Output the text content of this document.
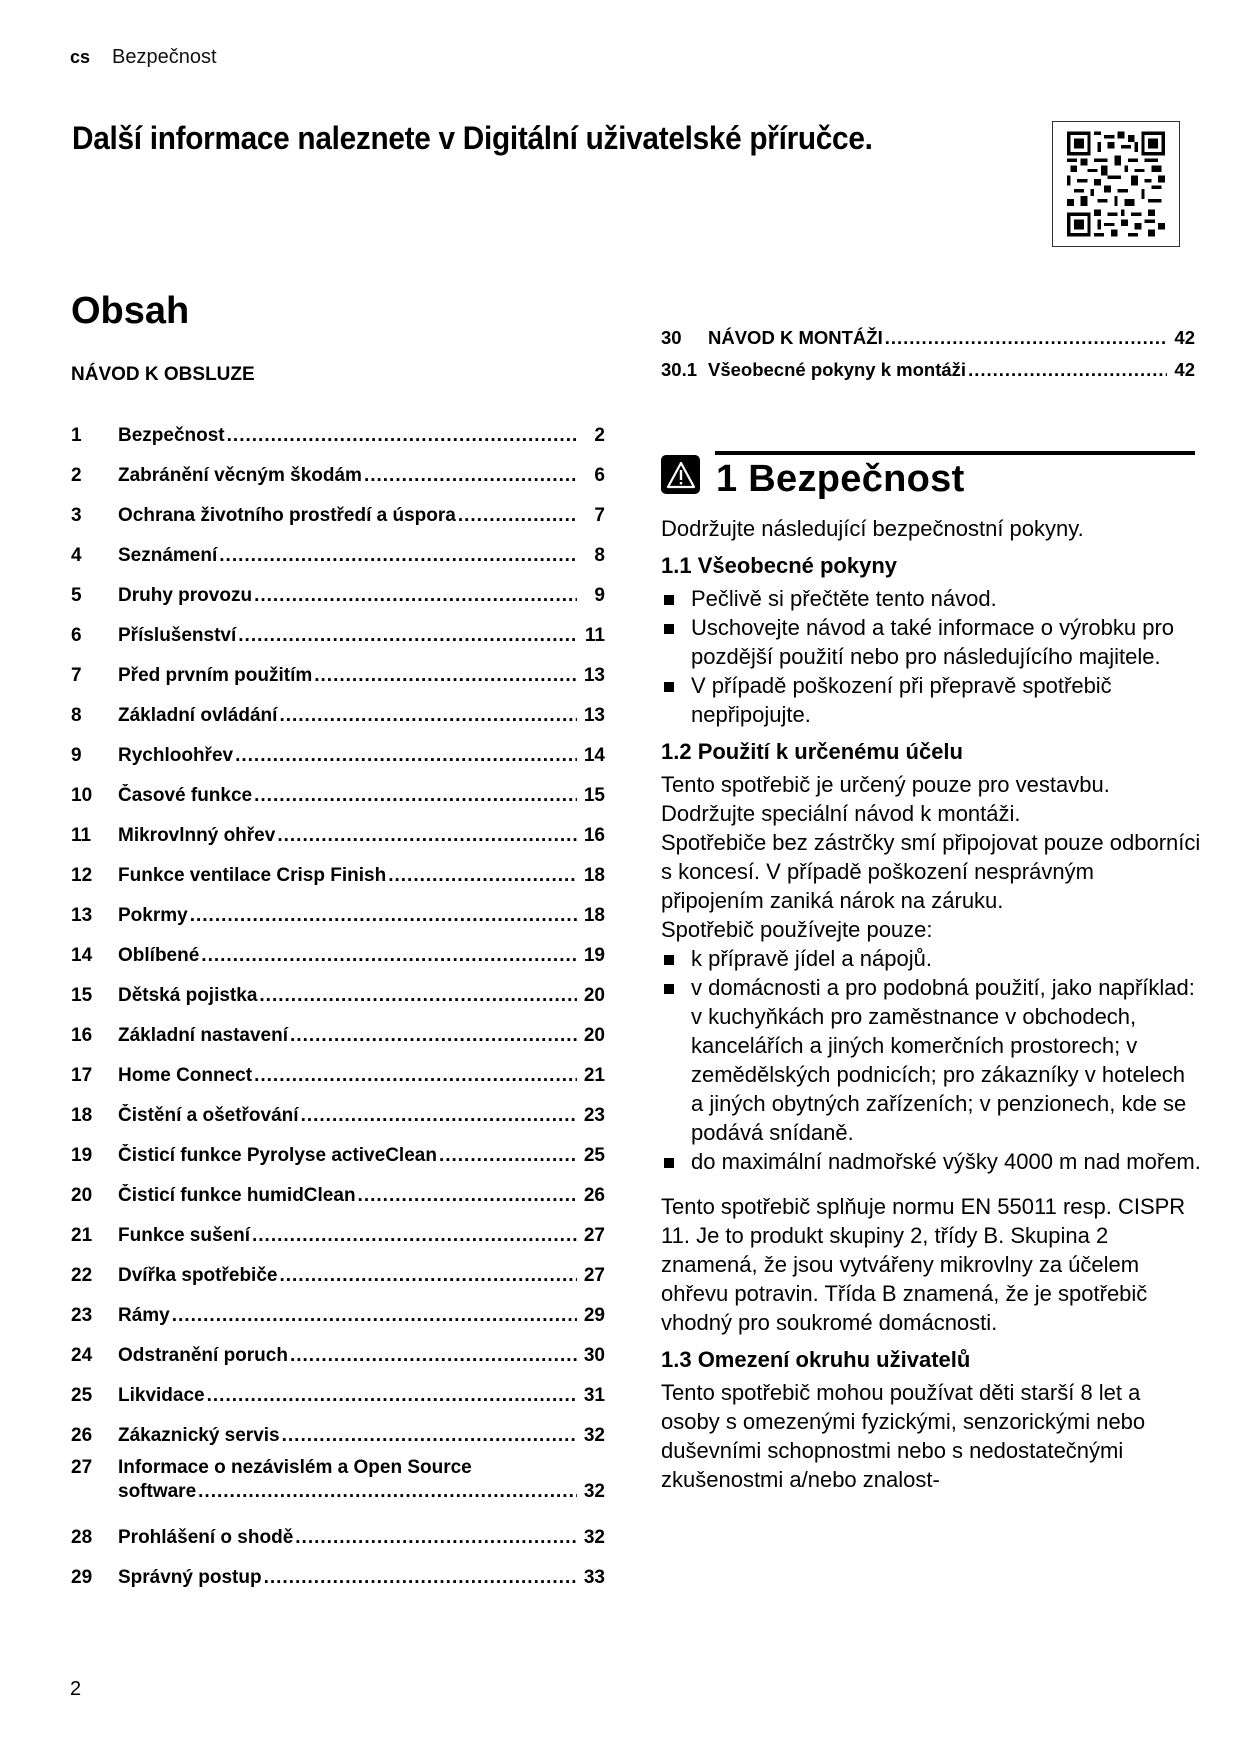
cs Bezpečnost
Další informace naleznete v Digitální uživatelské příručce.
Obsah
NÁVOD K OBSLUZE
1	Bezpečnost .....	2
2	Zabránění věcným škodám .....	6
3	Ochrana životního prostředí a úspora .....	7
4	Seznámení .....	8
5	Druhy provozu .....	9
6	Příslušenství .....	11
7	Před prvním použitím .....	13
8	Základní ovládání .....	13
9	Rychloohřev .....	14
10	Časové funkce .....	15
11	Mikrovlnný ohřev .....	16
12	Funkce ventilace Crisp Finish .....	18
13	Pokrmy .....	18
14	Oblíbené .....	19
15	Dětská pojistka .....	20
16	Základní nastavení .....	20
17	Home Connect .....	21
18	Čistění a ošetřování .....	23
19	Čisticí funkce Pyrolyse activeClean .....	25
20	Čisticí funkce humidClean .....	26
21	Funkce sušení .....	27
22	Dvířka spotřebiče .....	27
23	Rámy .....	29
24	Odstranění poruch .....	30
25	Likvidace .....	31
26	Zákaznický servis .....	32
27	Informace o nezávislém a Open Source
software .....	32
28	Prohlášení o shodě .....	32
29	Správný postup .....	33
30	NÁVOD K MONTÁŽI .....	42
30.1 Všeobecné pokyny k montáži .....	42
1 Bezpečnost

Dodržujte následující bezpečnostní pokyny.

1.1 Všeobecné pokyny
Pečlivě si přečtěte tento návod.
Uschovejte návod a také informace o výrobku pro pozdější použití nebo pro následujícího majitele.
V případě poškození při přepravě spotřebič nepřipojujte.
1.2 Použití k určenému účelu

Tento spotřebič je určený pouze pro vestavbu. Dodržujte speciální návod k montáži.

Spotřebiče bez zástrčky smí připojovat pouze odborníci s koncesí. V případě poškození nesprávným připojením zaniká nárok na záruku.

Spotřebič používejte pouze:

k přípravě jídel a nápojů.
v domácnosti a pro podobná použití, jako například: v kuchyňkách pro zaměstnance v obchodech, kancelářích a jiných komerčních prostorech; v zemědělských podnicích; pro zákazníky v hotelech a jiných obytných zařízeních; v penzionech, kde se podává snídaně.
do maximální nadmořské výšky 4000 m nad mořem.

Tento spotřebič splňuje normu EN 55011 resp. CISPR 11. Je to produkt skupiny 2, třídy B. Skupina 2 znamená, že jsou vytvářeny mikrovlny za účelem ohřevu potravin. Třída B znamená, že je spotřebič vhodný pro soukromé domácnosti.

1.3 Omezení okruhu uživatelů

Tento spotřebič mohou používat děti starší 8 let a osoby s omezenými fyzickými, senzorickými nebo duševními schopnostmi nebo s nedostatečnými zkušenostmi a/nebo znalost-

2
